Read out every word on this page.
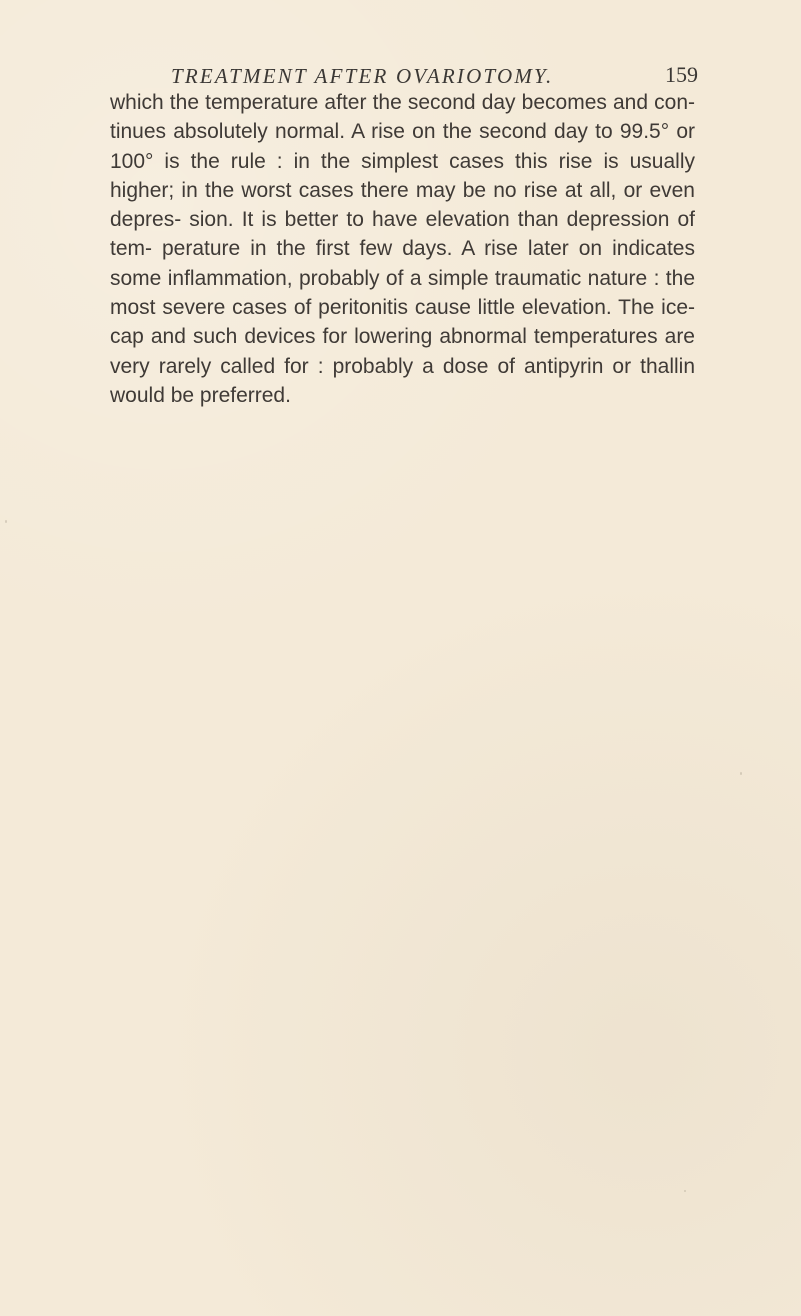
TREATMENT AFTER OVARIOTOMY.	159

which the temperature after the second day becomes and con- tinues absolutely normal. A rise on the second day to 99.5° or 100° is the rule : in the simplest cases this rise is usually higher; in the worst cases there may be no rise at all, or even depres- sion. It is better to have elevation than depression of tem- perature in the first few days. A rise later on indicates some inflammation, probably of a simple traumatic nature : the most severe cases of peritonitis cause little elevation. The ice-cap and such devices for lowering abnormal temperatures are very rarely called for : probably a dose of antipyrin or thallin would be preferred.
